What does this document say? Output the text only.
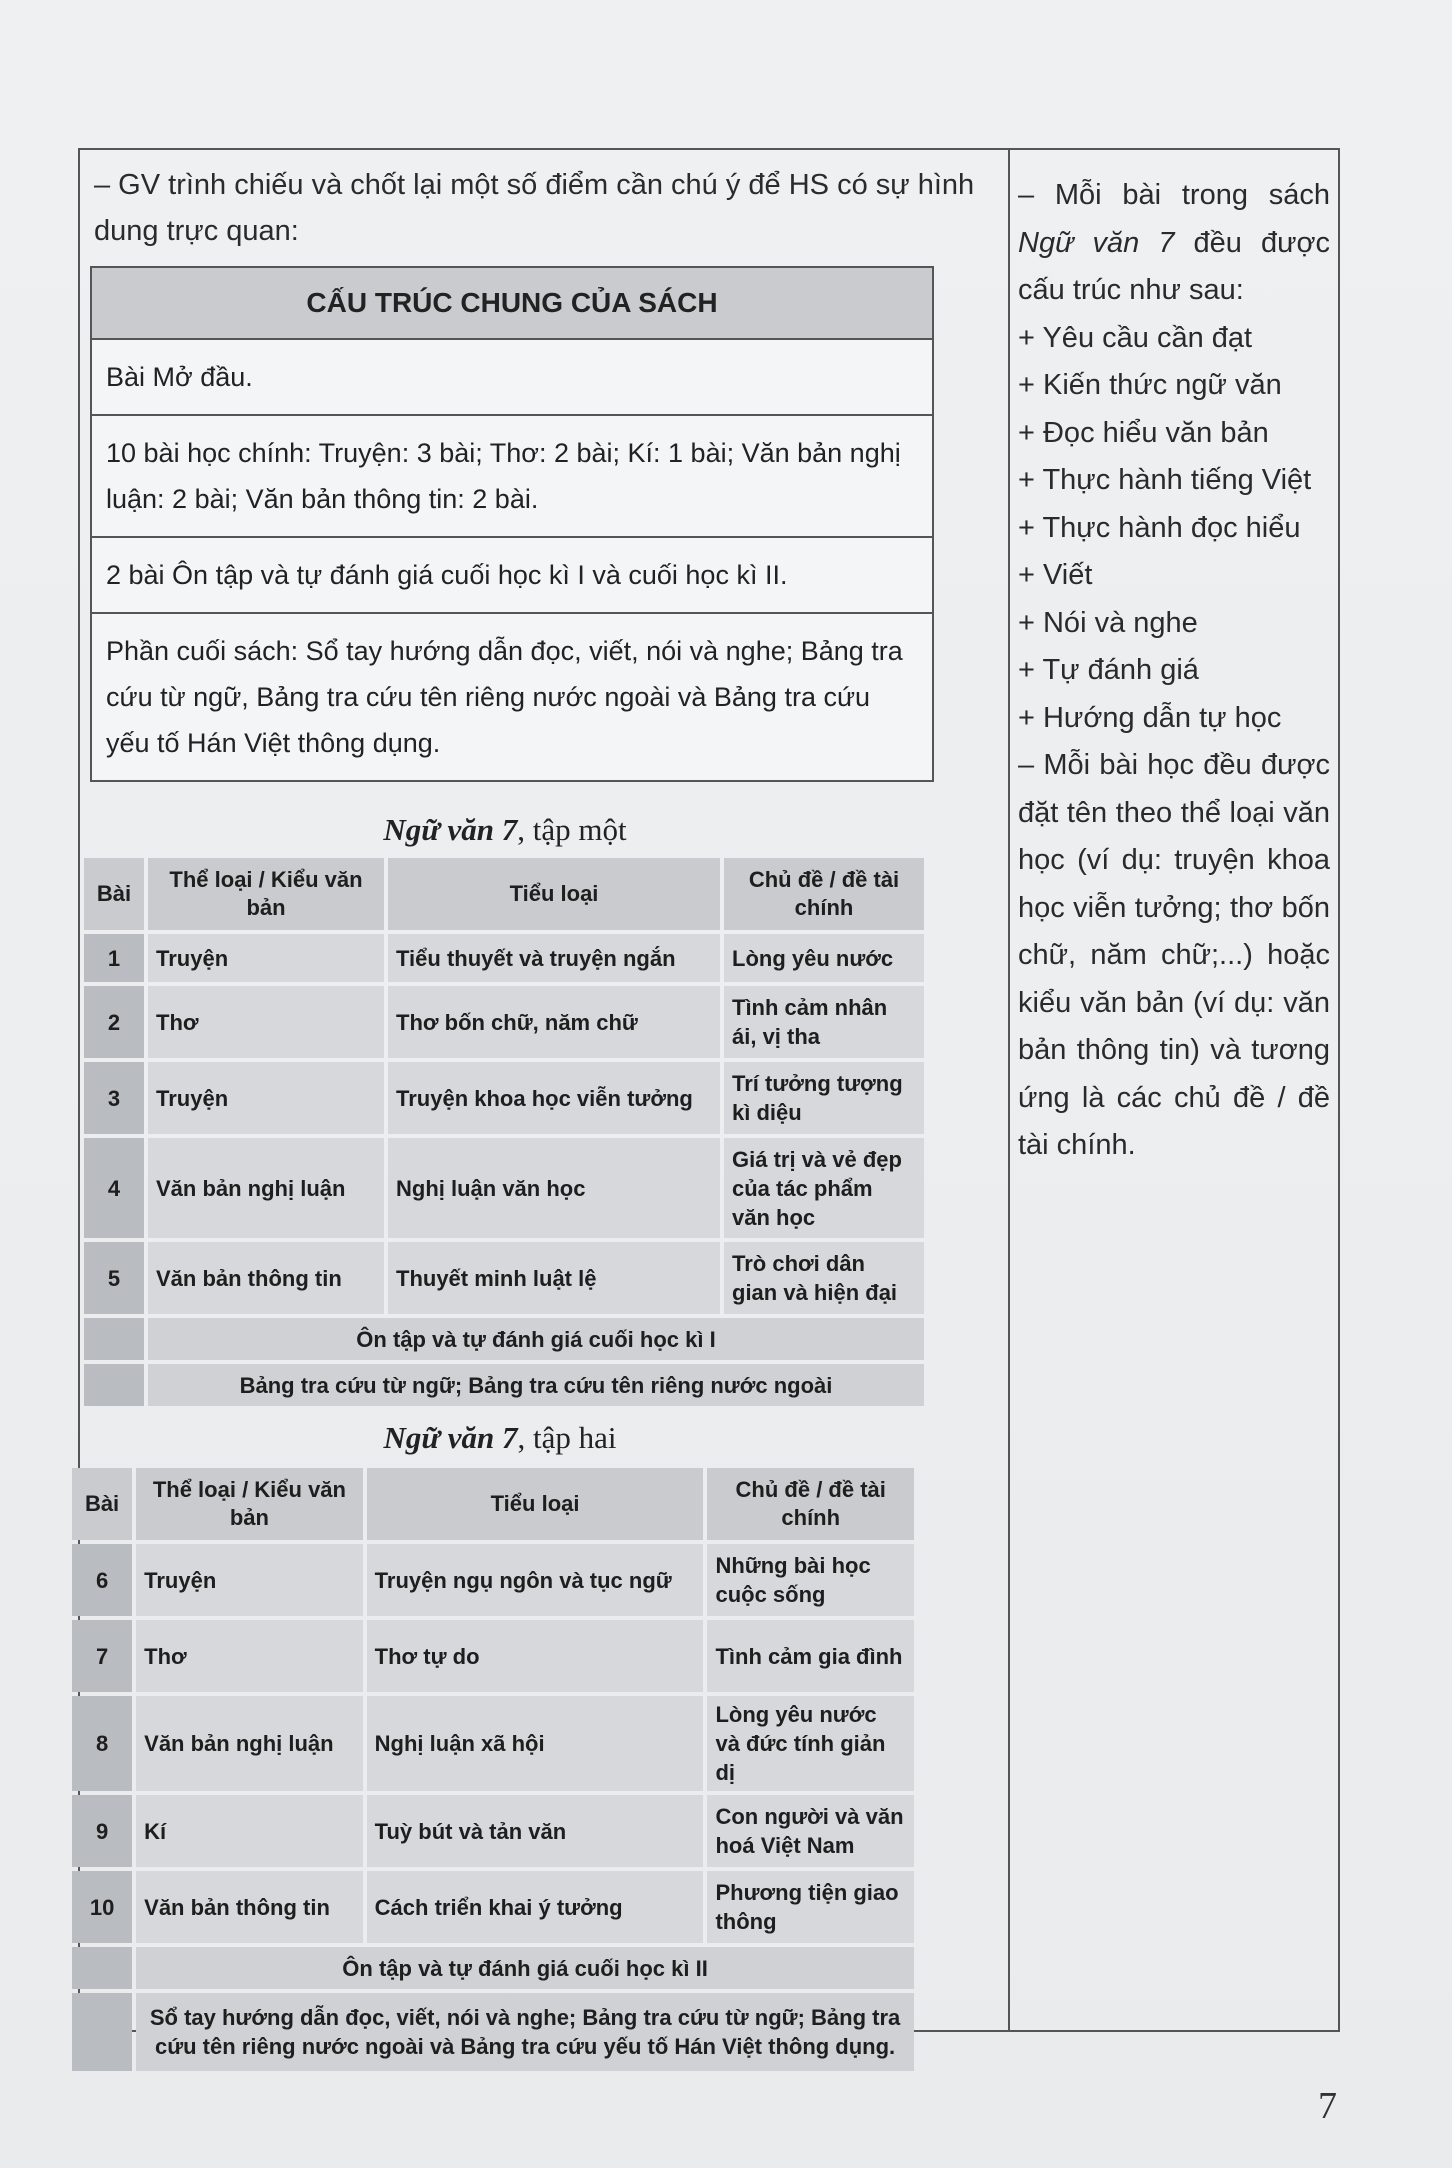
– GV trình chiếu và chốt lại một số điểm cần chú ý để HS có sự hình dung trực quan:
CẤU TRÚC CHUNG CỦA SÁCH
Bài Mở đầu.
10 bài học chính: Truyện: 3 bài; Thơ: 2 bài; Kí: 1 bài; Văn bản nghị luận: 2 bài; Văn bản thông tin: 2 bài.
2 bài Ôn tập và tự đánh giá cuối học kì I và cuối học kì II.
Phần cuối sách: Sổ tay hướng dẫn đọc, viết, nói và nghe; Bảng tra cứu từ ngữ, Bảng tra cứu tên riêng nước ngoài và Bảng tra cứu yếu tố Hán Việt thông dụng.
Ngữ văn 7, tập một
Bài	Thể loại / Kiểu văn bản	Tiểu loại	Chủ đề / đề tài chính
1	Truyện	Tiểu thuyết và truyện ngắn	Lòng yêu nước
2	Thơ	Thơ bốn chữ, năm chữ	Tình cảm nhân ái, vị tha
3	Truyện	Truyện khoa học viễn tưởng	Trí tưởng tượng kì diệu
4	Văn bản nghị luận	Nghị luận văn học	Giá trị và vẻ đẹp của tác phẩm văn học
5	Văn bản thông tin	Thuyết minh luật lệ	Trò chơi dân gian và hiện đại
	Ôn tập và tự đánh giá cuối học kì I		
	Bảng tra cứu từ ngữ; Bảng tra cứu tên riêng nước ngoài		
Ngữ văn 7, tập hai
Bài	Thể loại / Kiểu văn bản	Tiểu loại	Chủ đề / đề tài chính
6	Truyện	Truyện ngụ ngôn và tục ngữ	Những bài học cuộc sống
7	Thơ	Thơ tự do	Tình cảm gia đình
8	Văn bản nghị luận	Nghị luận xã hội	Lòng yêu nước và đức tính giản dị
9	Kí	Tuỳ bút và tản văn	Con người và văn hoá Việt Nam
10	Văn bản thông tin	Cách triển khai ý tưởng	Phương tiện giao thông
	Ôn tập và tự đánh giá cuối học kì II		
	Sổ tay hướng dẫn đọc, viết, nói và nghe; Bảng tra cứu từ ngữ; Bảng tra cứu tên riêng nước ngoài và Bảng tra cứu yếu tố Hán Việt thông dụng.		

– Mỗi bài trong sách Ngữ văn 7 đều được cấu trúc như sau:

+ Yêu cầu cần đạt

+ Kiến thức ngữ văn

+ Đọc hiểu văn bản

+ Thực hành tiếng Việt

+ Thực hành đọc hiểu

+ Viết

+ Nói và nghe

+ Tự đánh giá

+ Hướng dẫn tự học

– Mỗi bài học đều được đặt tên theo thể loại văn học (ví dụ: truyện khoa học viễn tưởng; thơ bốn chữ, năm chữ;...) hoặc kiểu văn bản (ví dụ: văn bản thông tin) và tương ứng là các chủ đề / đề tài chính.

7
